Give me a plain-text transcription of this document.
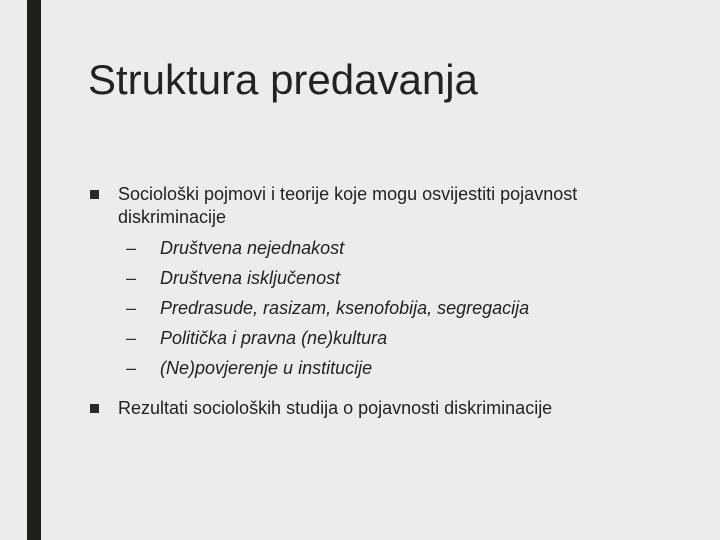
Struktura predavanja
Sociološki pojmovi i teorije koje mogu osvijestiti pojavnost diskriminacije
– Društvena nejednakost
– Društvena isključenost
– Predrasude, rasizam, ksenofobija, segregacija
– Politička i pravna (ne)kultura
– (Ne)povjerenje u institucije
Rezultati socioloških studija o pojavnosti diskriminacije
